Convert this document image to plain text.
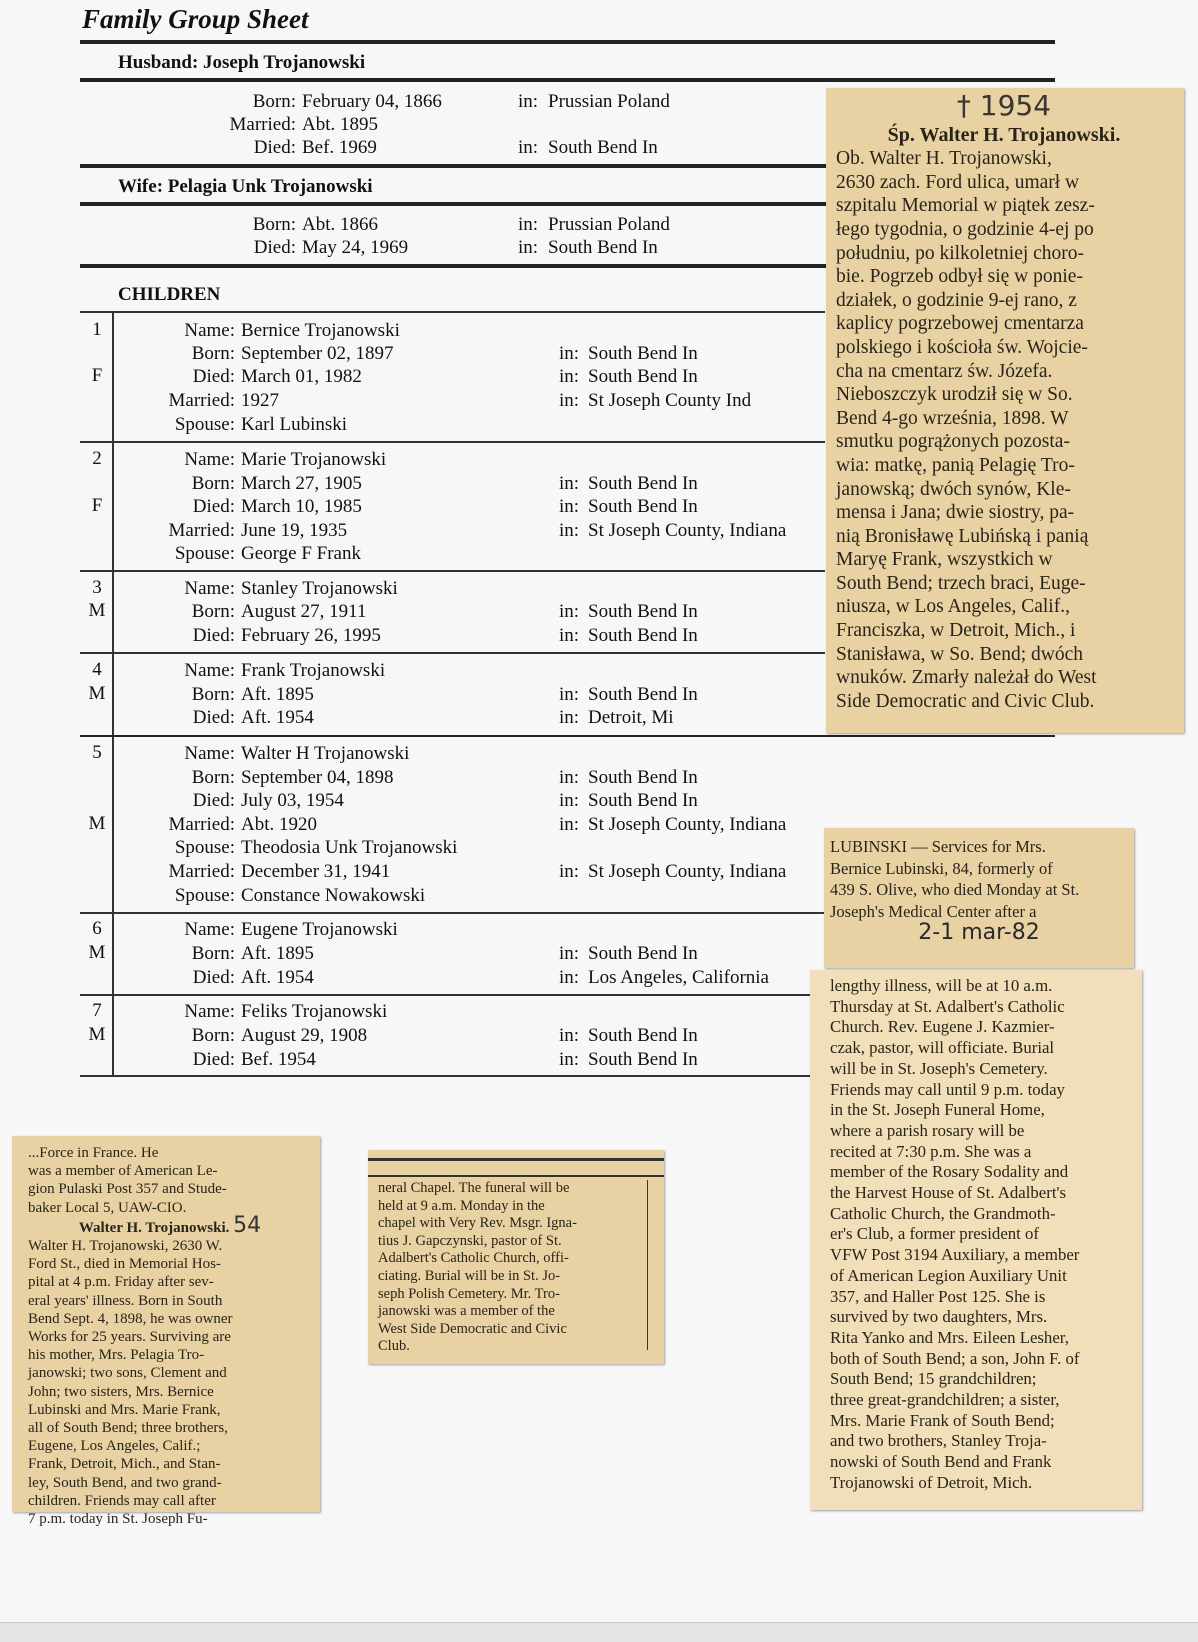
Family Group Sheet
Husband: Joseph Trojanowski
Born: February 04, 1866	in: Prussian Poland
Married: Abt. 1895
Died: Bef. 1969	in: South Bend In
Wife: Pelagia Unk Trojanowski
Born: Abt. 1866	in: Prussian Poland
Died: May 24, 1969	in: South Bend In
CHILDREN
1
F
Name: Bernice Trojanowski
Born: September 02, 1897	in: South Bend In
Died: March 01, 1982	in: South Bend In
Married: 1927	in: St Joseph County Ind
Spouse: Karl Lubinski
2
F
Name: Marie Trojanowski
Born: March 27, 1905	in: South Bend In
Died: March 10, 1985	in: South Bend In
Married: June 19, 1935	in: St Joseph County, Indiana
Spouse: George F Frank
3
M
Name: Stanley Trojanowski
Born: August 27, 1911	in: South Bend In
Died: February 26, 1995	in: South Bend In
4
M
Name: Frank Trojanowski
Born: Aft. 1895	in: South Bend In
Died: Aft. 1954	in: Detroit, Mi
5
M
Name: Walter H Trojanowski
Born: September 04, 1898	in: South Bend In
Died: July 03, 1954	in: South Bend In
Married: Abt. 1920	in: St Joseph County, Indiana
Spouse: Theodosia Unk Trojanowski
Married: December 31, 1941	in: St Joseph County, Indiana
Spouse: Constance Nowakowski
6
M
Name: Eugene Trojanowski
Born: Aft. 1895	in: South Bend In
Died: Aft. 1954	in: Los Angeles, California
7
M
Name: Feliks Trojanowski
Born: August 29, 1908	in: South Bend In
Died: Bef. 1954	in: South Bend In
† 1954
Śp. Walter H. Trojanowski.
Ob. Walter H. Trojanowski,
2630 zach. Ford ulica, umarł w
szpitalu Memorial w piątek zesz-
łego tygodnia, o godzinie 4-ej po
południu, po kilkoletniej choro-
bie. Pogrzeb odbył się w ponie-
działek, o godzinie 9-ej rano, z
kaplicy pogrzebowej cmentarza
polskiego i kościoła św. Wojcie-
cha na cmentarz św. Józefa.
Nieboszczyk urodził się w So.
Bend 4-go września, 1898. W
smutku pogrążonych pozosta-
wia: matkę, panią Pelagię Tro-
janowską; dwóch synów, Kle-
mensa i Jana; dwie siostry, pa-
nią Bronisławę Lubińską i panią
Maryę Frank, wszystkich w
South Bend; trzech braci, Euge-
niusza, w Los Angeles, Calif.,
Franciszka, w Detroit, Mich., i
Stanisława, w So. Bend; dwóch
wnuków. Zmarły należał do West
Side Democratic and Civic Club.
LUBINSKI — Services for Mrs.
Bernice Lubinski, 84, formerly of
439 S. Olive, who died Monday at St.
Joseph's Medical Center after a
2-1 mar-82
lengthy illness, will be at 10 a.m.
Thursday at St. Adalbert's Catholic
Church. Rev. Eugene J. Kazmier-
czak, pastor, will officiate. Burial
will be in St. Joseph's Cemetery.
Friends may call until 9 p.m. today
in the St. Joseph Funeral Home,
where a parish rosary will be
recited at 7:30 p.m. She was a
member of the Rosary Sodality and
the Harvest House of St. Adalbert's
Catholic Church, the Grandmoth-
er's Club, a former president of
VFW Post 3194 Auxiliary, a member
of American Legion Auxiliary Unit
357, and Haller Post 125. She is
survived by two daughters, Mrs.
Rita Yanko and Mrs. Eileen Lesher,
both of South Bend; a son, John F. of
South Bend; 15 grandchildren;
three great-grandchildren; a sister,
Mrs. Marie Frank of South Bend;
and two brothers, Stanley Troja-
nowski of South Bend and Frank
Trojanowski of Detroit, Mich.
...Force in France. He
was a member of American Le-
gion Pulaski Post 357 and Stude-
baker Local 5, UAW-CIO.
Walter H. Trojanowski. 54
Walter H. Trojanowski, 2630 W.
Ford St., died in Memorial Hos-
pital at 4 p.m. Friday after sev-
eral years' illness. Born in South
Bend Sept. 4, 1898, he was owner
Works for 25 years. Surviving are
his mother, Mrs. Pelagia Tro-
janowski; two sons, Clement and
John; two sisters, Mrs. Bernice
Lubinski and Mrs. Marie Frank,
all of South Bend; three brothers,
Eugene, Los Angeles, Calif.;
Frank, Detroit, Mich., and Stan-
ley, South Bend, and two grand-
children. Friends may call after
7 p.m. today in St. Joseph Fu-
neral Chapel. The funeral will be
held at 9 a.m. Monday in the
chapel with Very Rev. Msgr. Igna-
tius J. Gapczynski, pastor of St.
Adalbert's Catholic Church, offi-
ciating. Burial will be in St. Jo-
seph Polish Cemetery. Mr. Tro-
janowski was a member of the
West Side Democratic and Civic
Club.
